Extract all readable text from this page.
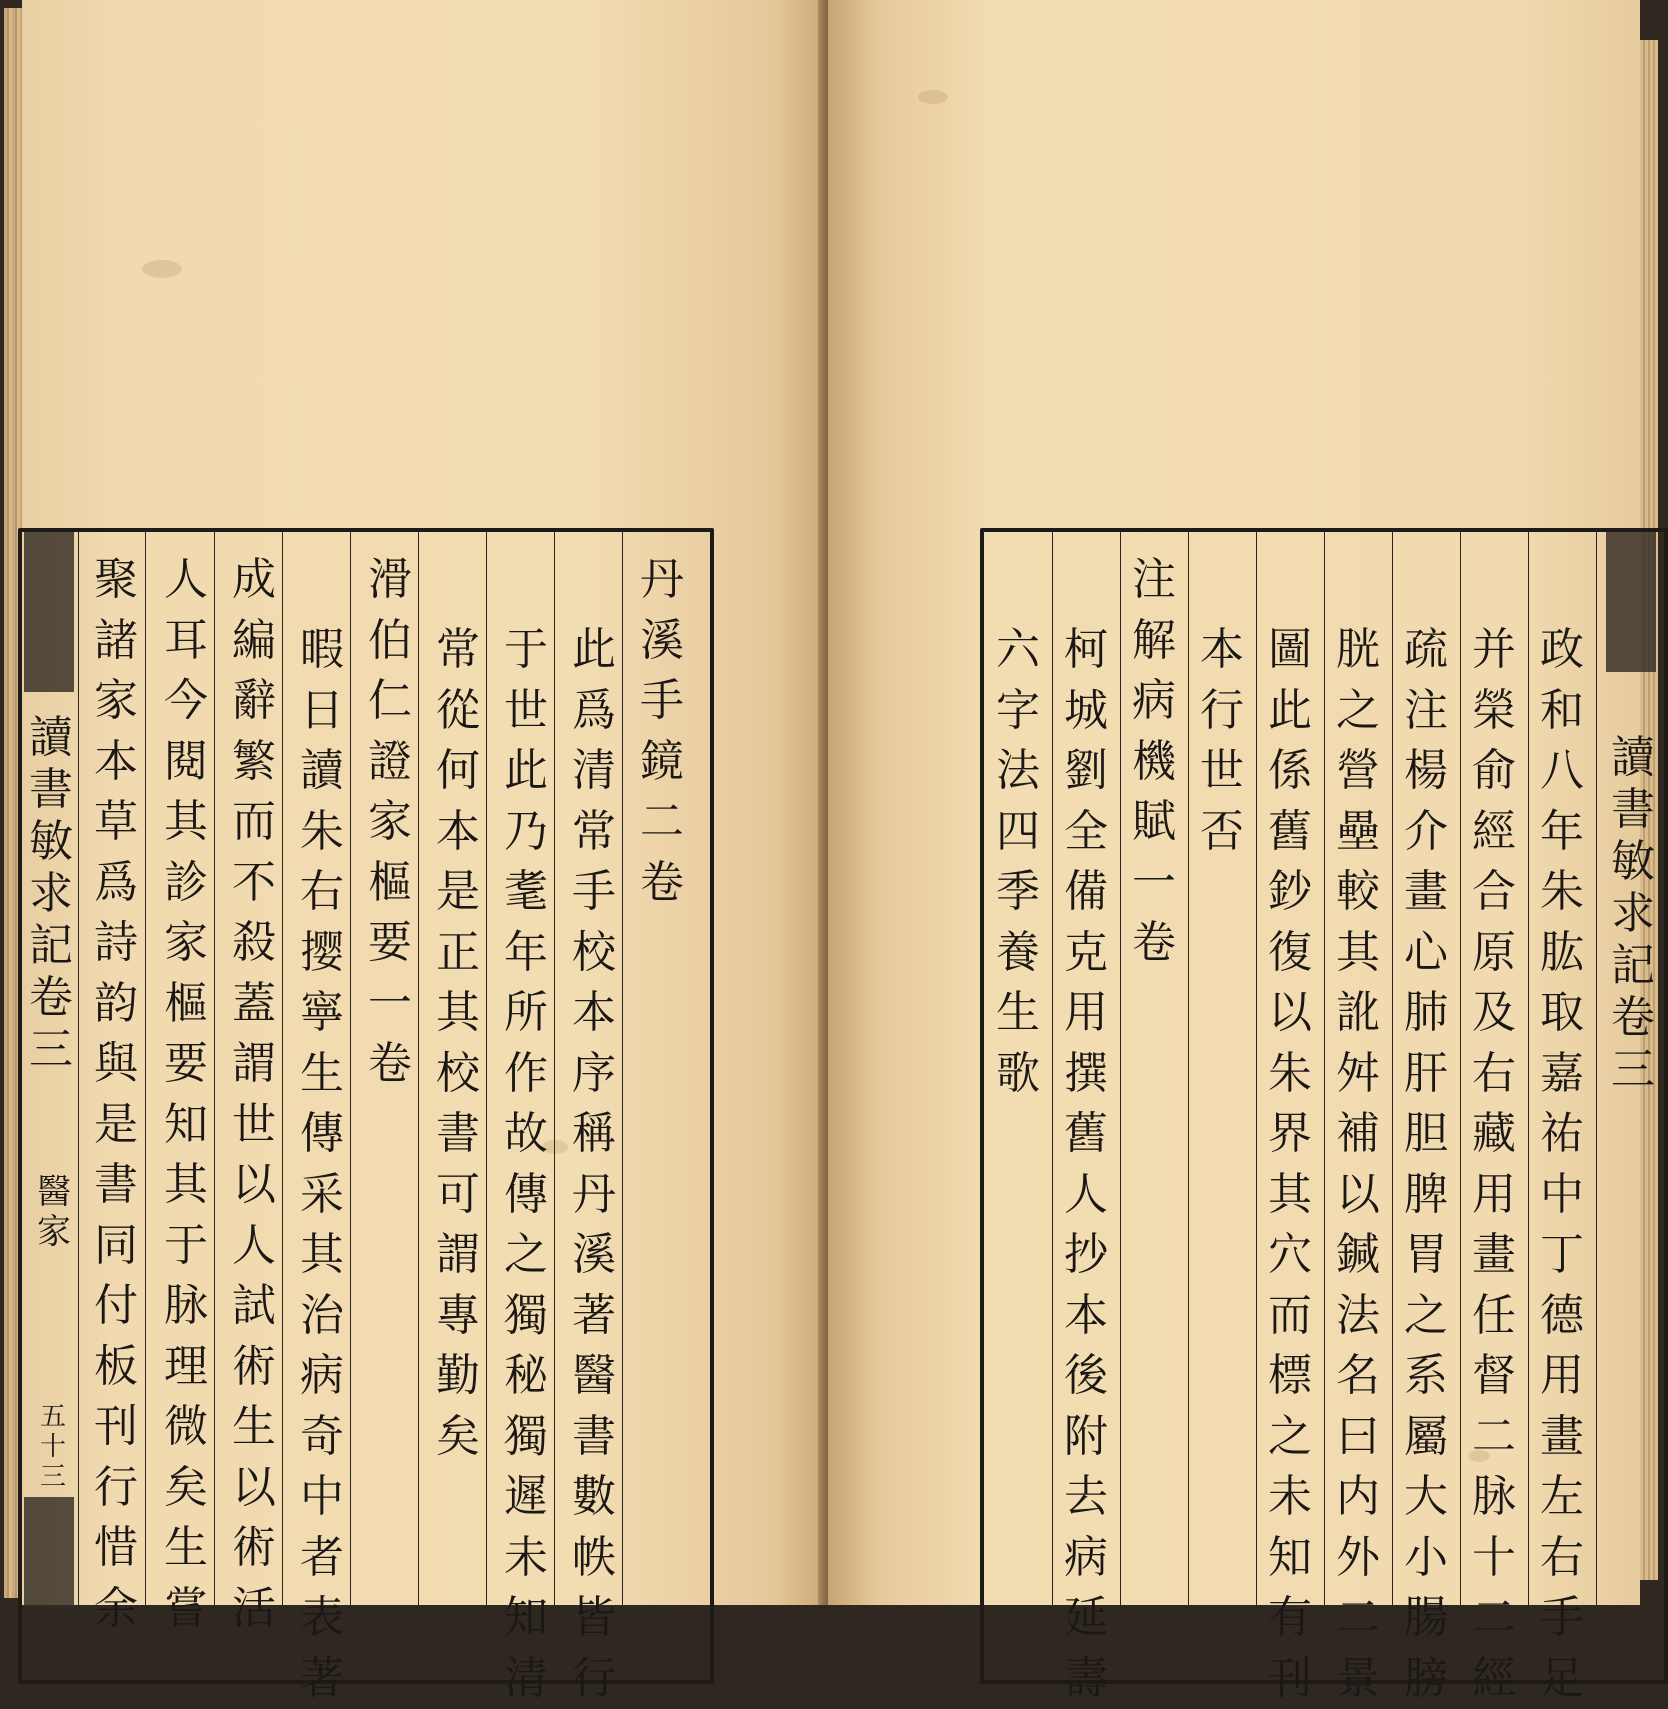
讀書敏求記卷三
醫家
五十三
丹溪手鏡二卷
此爲清常手校本序稱丹溪著醫書數帙皆行
于世此乃耄年所作故傳之獨秘獨遲未知清
常從何本是正其校書可謂專勤矣
滑伯仁證家樞要一卷
暇日讀朱右撄寧生傳采其治病奇中者表著
成編辭繁而不殺蓋謂世以人試術生以術活
人耳今閱其診家樞要知其于脉理微矣生嘗
聚諸家本草爲詩韵與是書同付板刊行惜余
政和八年朱肱取嘉祐中丁德用畫左右手足
并榮俞經合原及右藏用畫任督二脉十二經
疏注楊介畫心肺肝胆脾胃之系屬大小腸膀
胱之營壘較其訛舛補以鍼法名曰内外二景
圖此係舊鈔復以朱界其穴而標之未知有刊
本行世否
注解病機賦一卷
柯城劉全備克用撰舊人抄本後附去病延壽
六字法四季養生歌
讀書敏求記卷三
